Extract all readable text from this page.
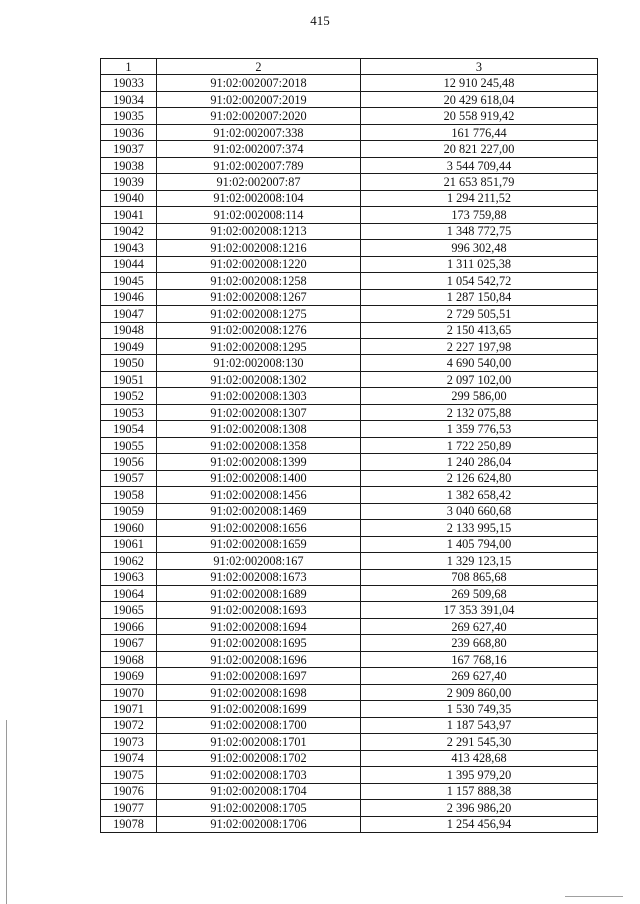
415
1	2	3
19033	91:02:002007:2018	12 910 245,48
19034	91:02:002007:2019	20 429 618,04
19035	91:02:002007:2020	20 558 919,42
19036	91:02:002007:338	161 776,44
19037	91:02:002007:374	20 821 227,00
19038	91:02:002007:789	3 544 709,44
19039	91:02:002007:87	21 653 851,79
19040	91:02:002008:104	1 294 211,52
19041	91:02:002008:114	173 759,88
19042	91:02:002008:1213	1 348 772,75
19043	91:02:002008:1216	996 302,48
19044	91:02:002008:1220	1 311 025,38
19045	91:02:002008:1258	1 054 542,72
19046	91:02:002008:1267	1 287 150,84
19047	91:02:002008:1275	2 729 505,51
19048	91:02:002008:1276	2 150 413,65
19049	91:02:002008:1295	2 227 197,98
19050	91:02:002008:130	4 690 540,00
19051	91:02:002008:1302	2 097 102,00
19052	91:02:002008:1303	299 586,00
19053	91:02:002008:1307	2 132 075,88
19054	91:02:002008:1308	1 359 776,53
19055	91:02:002008:1358	1 722 250,89
19056	91:02:002008:1399	1 240 286,04
19057	91:02:002008:1400	2 126 624,80
19058	91:02:002008:1456	1 382 658,42
19059	91:02:002008:1469	3 040 660,68
19060	91:02:002008:1656	2 133 995,15
19061	91:02:002008:1659	1 405 794,00
19062	91:02:002008:167	1 329 123,15
19063	91:02:002008:1673	708 865,68
19064	91:02:002008:1689	269 509,68
19065	91:02:002008:1693	17 353 391,04
19066	91:02:002008:1694	269 627,40
19067	91:02:002008:1695	239 668,80
19068	91:02:002008:1696	167 768,16
19069	91:02:002008:1697	269 627,40
19070	91:02:002008:1698	2 909 860,00
19071	91:02:002008:1699	1 530 749,35
19072	91:02:002008:1700	1 187 543,97
19073	91:02:002008:1701	2 291 545,30
19074	91:02:002008:1702	413 428,68
19075	91:02:002008:1703	1 395 979,20
19076	91:02:002008:1704	1 157 888,38
19077	91:02:002008:1705	2 396 986,20
19078	91:02:002008:1706	1 254 456,94
